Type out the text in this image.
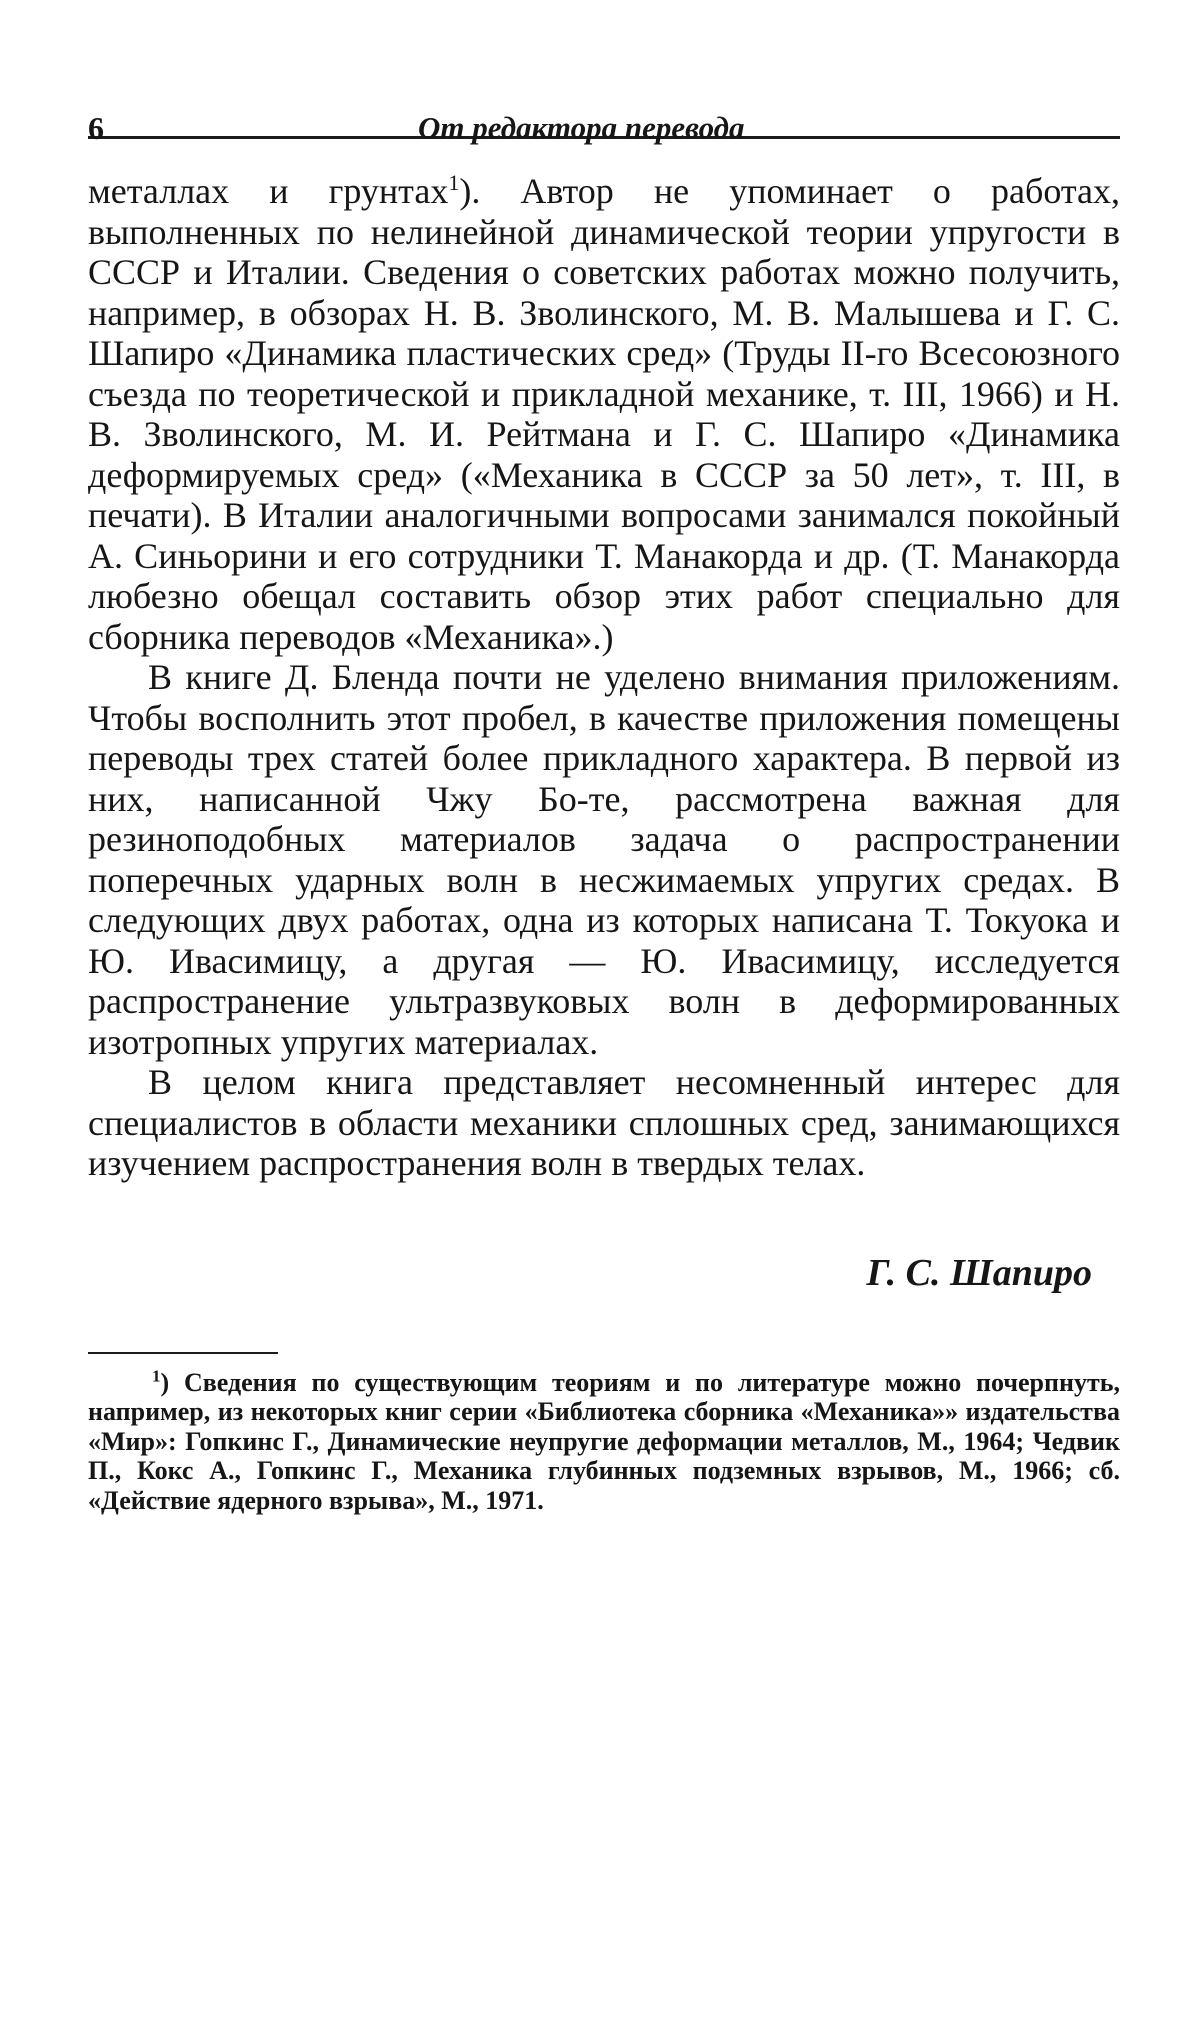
6	От редактора перевода

металлах и грунтах$^1$). Автор не упоминает о работах, выполненных по нелинейной динамической теории упругости в СССР и Италии. Сведения о советских работах можно получить, например, в обзорах Н. В. Зволинского, М. В. Малышева и Г. С. Шапиро «Динамика пластических сред» (Труды II-го Всесоюзного съезда по теоретической и прикладной механике, т. III, 1966) и Н. В. Зволинского, М. И. Рейтмана и Г. С. Шапиро «Динамика деформируемых сред» («Механика в СССР за 50 лет», т. III, в печати). В Италии аналогичными вопросами занимался покойный А. Синьорини и его сотрудники Т. Манакорда и др. (Т. Манакорда любезно обещал составить обзор этих работ специально для сборника переводов «Механика».)

В книге Д. Бленда почти не уделено внимания приложениям. Чтобы восполнить этот пробел, в качестве приложения помещены переводы трех статей более прикладного характера. В первой из них, написанной Чжу Бо-те, рассмотрена важная для резиноподобных материалов задача о распространении поперечных ударных волн в несжимаемых упругих средах. В следующих двух работах, одна из которых написана Т. Токуока и Ю. Ивасимицу, а другая — Ю. Ивасимицу, исследуется распространение ультразвуковых волн в деформированных изотропных упругих материалах.

В целом книга представляет несомненный интерес для специалистов в области механики сплошных сред, занимающихся изучением распространения волн в твердых телах.

Г. С. Шапиро
$^1$) Сведения по существующим теориям и по литературе можно почерпнуть, например, из некоторых книг серии «Библиотека сборника «Механика»» издательства «Мир»: Гопкинс Г., Динамические неупругие деформации металлов, М., 1964; Чедвик П., Кокс А., Гопкинс Г., Механика глубинных подземных взрывов, М., 1966; сб. «Действие ядерного взрыва», М., 1971.
